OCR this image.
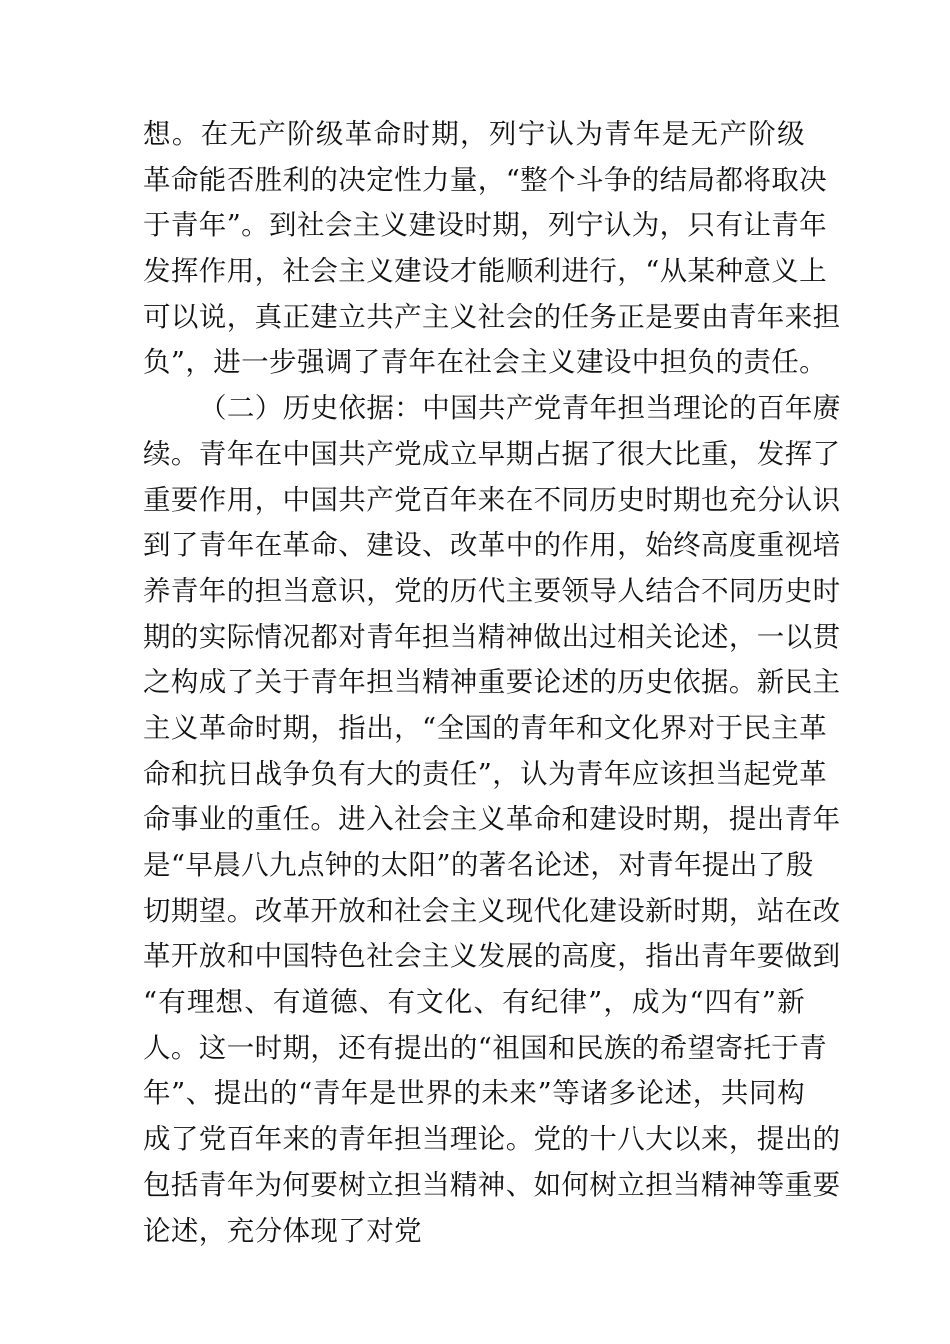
想。在无产阶级革命时期，列宁认为青年是无产阶级
革命能否胜利的决定性力量，“整个斗争的结局都将取决
于青年”。到社会主义建设时期，列宁认为，只有让青年
发挥作用，社会主义建设才能顺利进行，“从某种意义上
可以说，真正建立共产主义社会的任务正是要由青年来担
负”，进一步强调了青年在社会主义建设中担负的责任。
（二）历史依据：中国共产党青年担当理论的百年赓
续。青年在中国共产党成立早期占据了很大比重，发挥了
重要作用，中国共产党百年来在不同历史时期也充分认识
到了青年在革命、建设、改革中的作用，始终高度重视培
养青年的担当意识，党的历代主要领导人结合不同历史时
期的实际情况都对青年担当精神做出过相关论述，一以贯
之构成了关于青年担当精神重要论述的历史依据。新民主
主义革命时期，指出，“全国的青年和文化界对于民主革
命和抗日战争负有大的责任”，认为青年应该担当起党革
命事业的重任。进入社会主义革命和建设时期，提出青年
是“早晨八九点钟的太阳”的著名论述，对青年提出了殷
切期望。改革开放和社会主义现代化建设新时期，站在改
革开放和中国特色社会主义发展的高度，指出青年要做到
“有理想、有道德、有文化、有纪律”，成为“四有”新
人。这一时期，还有提出的“祖国和民族的希望寄托于青
年”、提出的“青年是世界的未来”等诸多论述，共同构
成了党百年来的青年担当理论。党的十八大以来，提出的
包括青年为何要树立担当精神、如何树立担当精神等重要
论述，充分体现了对党
